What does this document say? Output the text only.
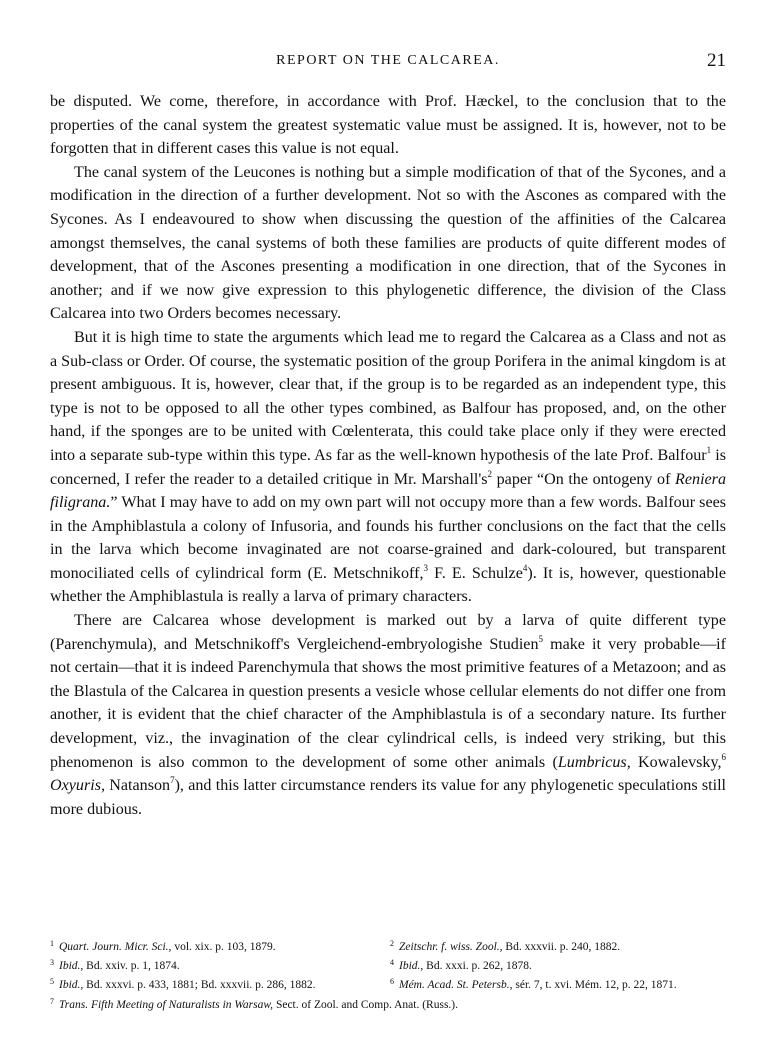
REPORT ON THE CALCAREA.	21

be disputed. We come, therefore, in accordance with Prof. Hæckel, to the conclusion that to the properties of the canal system the greatest systematic value must be assigned. It is, however, not to be forgotten that in different cases this value is not equal.

The canal system of the Leucones is nothing but a simple modification of that of the Sycones, and a modification in the direction of a further development. Not so with the Ascones as compared with the Sycones. As I endeavoured to show when discussing the question of the affinities of the Calcarea amongst themselves, the canal systems of both these families are products of quite different modes of development, that of the Ascones presenting a modification in one direction, that of the Sycones in another; and if we now give expression to this phylogenetic difference, the division of the Class Calcarea into two Orders becomes necessary.

But it is high time to state the arguments which lead me to regard the Calcarea as a Class and not as a Sub-class or Order. Of course, the systematic position of the group Porifera in the animal kingdom is at present ambiguous. It is, however, clear that, if the group is to be regarded as an independent type, this type is not to be opposed to all the other types combined, as Balfour has proposed, and, on the other hand, if the sponges are to be united with Cœlenterata, this could take place only if they were erected into a separate sub-type within this type. As far as the well-known hypothesis of the late Prof. Balfour$^1$ is concerned, I refer the reader to a detailed critique in Mr. Marshall's$^2$ paper “On the ontogeny of Reniera filigrana.” What I may have to add on my own part will not occupy more than a few words. Balfour sees in the Amphiblastula a colony of Infusoria, and founds his further conclusions on the fact that the cells in the larva which become invaginated are not coarse-grained and dark-coloured, but transparent monociliated cells of cylindrical form (E. Metschnikoff,$^3$ F. E. Schulze$^4$). It is, however, questionable whether the Amphiblastula is really a larva of primary characters.

There are Calcarea whose development is marked out by a larva of quite different type (Parenchymula), and Metschnikoff's Vergleichend-embryologishe Studien$^5$ make it very probable—if not certain—that it is indeed Parenchymula that shows the most primitive features of a Metazoon; and as the Blastula of the Calcarea in question presents a vesicle whose cellular elements do not differ one from another, it is evident that the chief character of the Amphiblastula is of a secondary nature. Its further development, viz., the invagination of the clear cylindrical cells, is indeed very striking, but this phenomenon is also common to the development of some other animals (Lumbricus, Kowalevsky,$^6$ Oxyuris, Natanson$^7$), and this latter circumstance renders its value for any phylogenetic speculations still more dubious.

$^1$ Quart. Journ. Micr. Sci., vol. xix. p. 103, 1879.	$^2$ Zeitschr. f. wiss. Zool., Bd. xxxvii. p. 240, 1882.
$^3$ Ibid., Bd. xxiv. p. 1, 1874.	$^4$ Ibid., Bd. xxxi. p. 262, 1878.
$^5$ Ibid., Bd. xxxvi. p. 433, 1881; Bd. xxxvii. p. 286, 1882.	$^6$ Mém. Acad. St. Petersb., sér. 7, t. xvi. Mém. 12, p. 22, 1871.
$^7$ Trans. Fifth Meeting of Naturalists in Warsaw, Sect. of Zool. and Comp. Anat. (Russ.).
